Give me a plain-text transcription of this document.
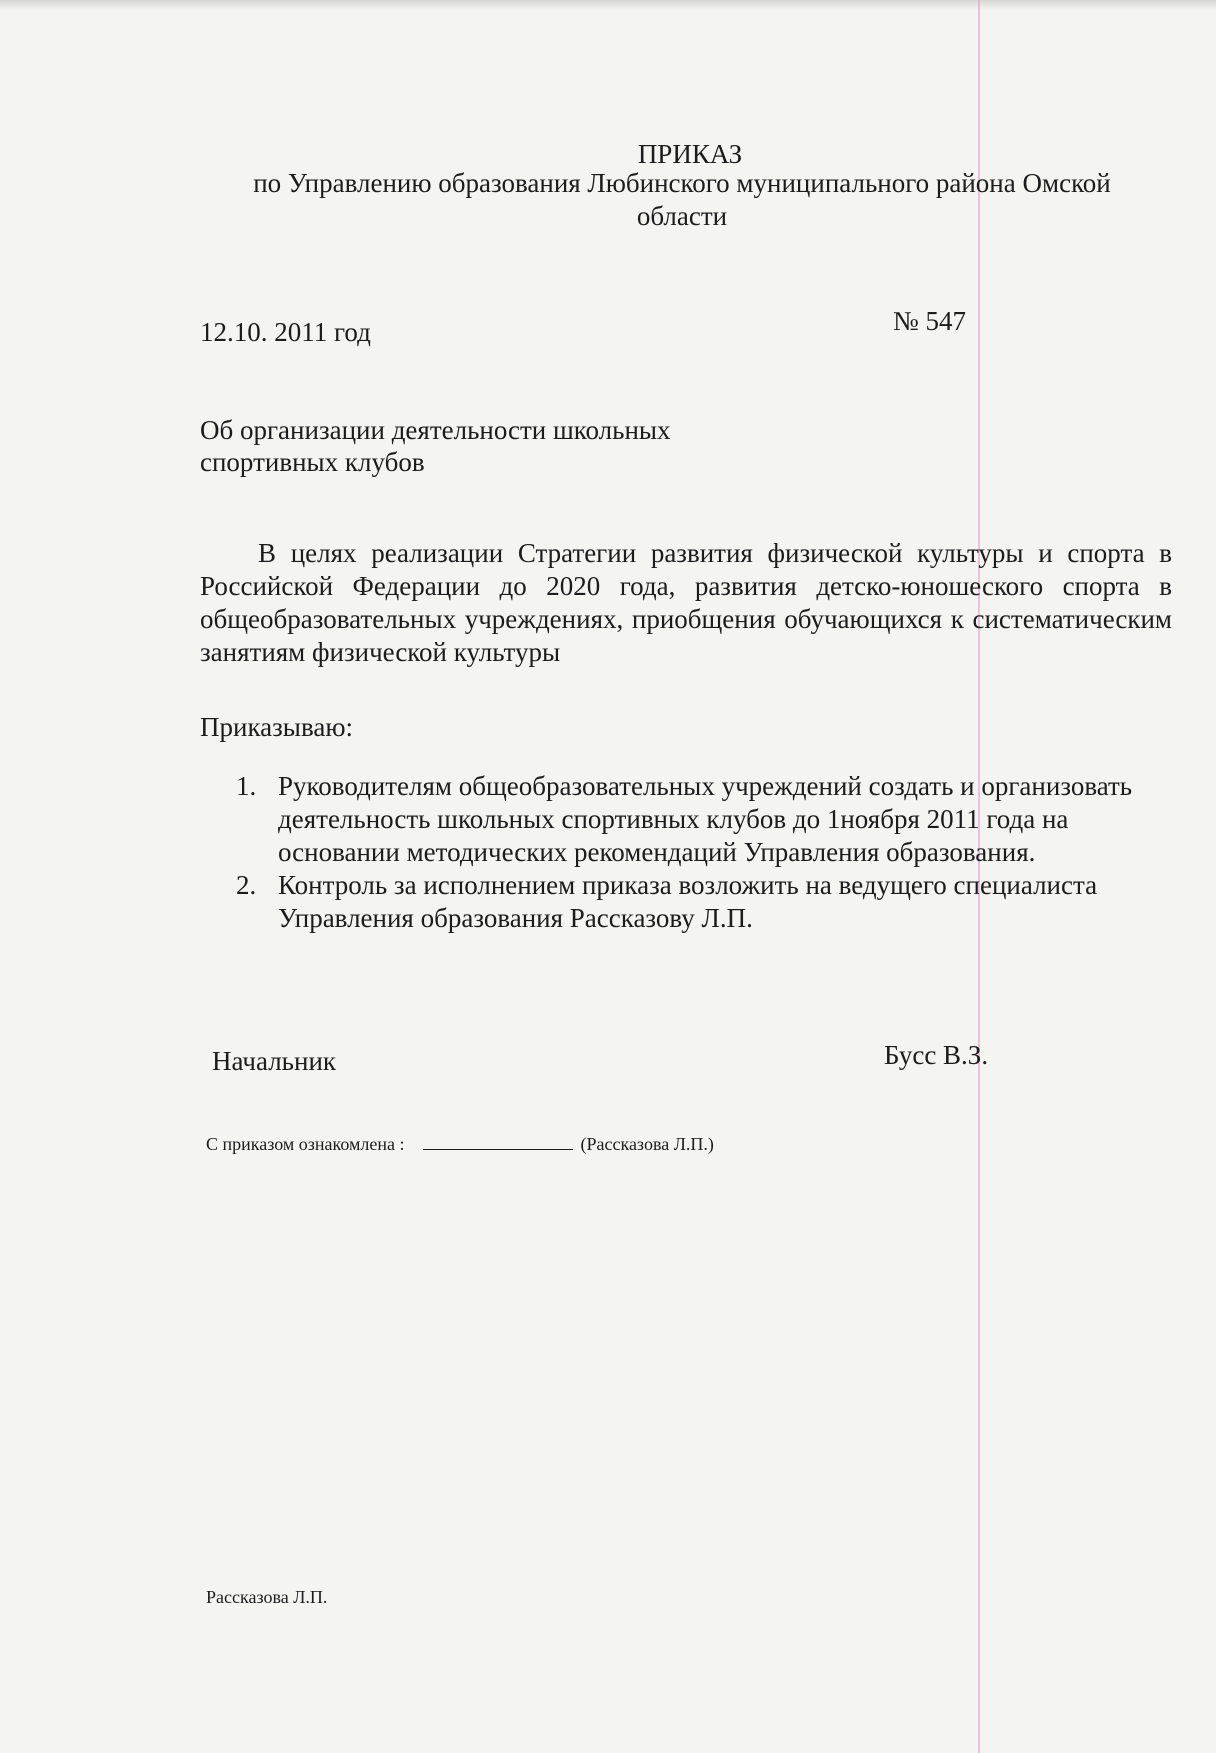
ПРИКАЗ
по Управлению образования Любинского муниципального района Омской области
12.10. 2011 год	№ 547
Об организации деятельности школьных
спортивных клубов
В целях реализации Стратегии развития физической культуры и спорта в Российской Федерации до 2020 года, развития детско-юношеского спорта в общеобразовательных учреждениях, приобщения обучающихся к систематическим занятиям физической культуры
Приказываю:
1. Руководителям общеобразовательных учреждений создать и организовать деятельность школьных спортивных клубов до 1ноября 2011 года на основании методических рекомендаций Управления образования.
2. Контроль за исполнением приказа возложить на ведущего специалиста Управления образования Рассказову Л.П.
Начальник	Бусс В.З.
С приказом ознакомлена :	(Рассказова Л.П.)
Рассказова Л.П.
